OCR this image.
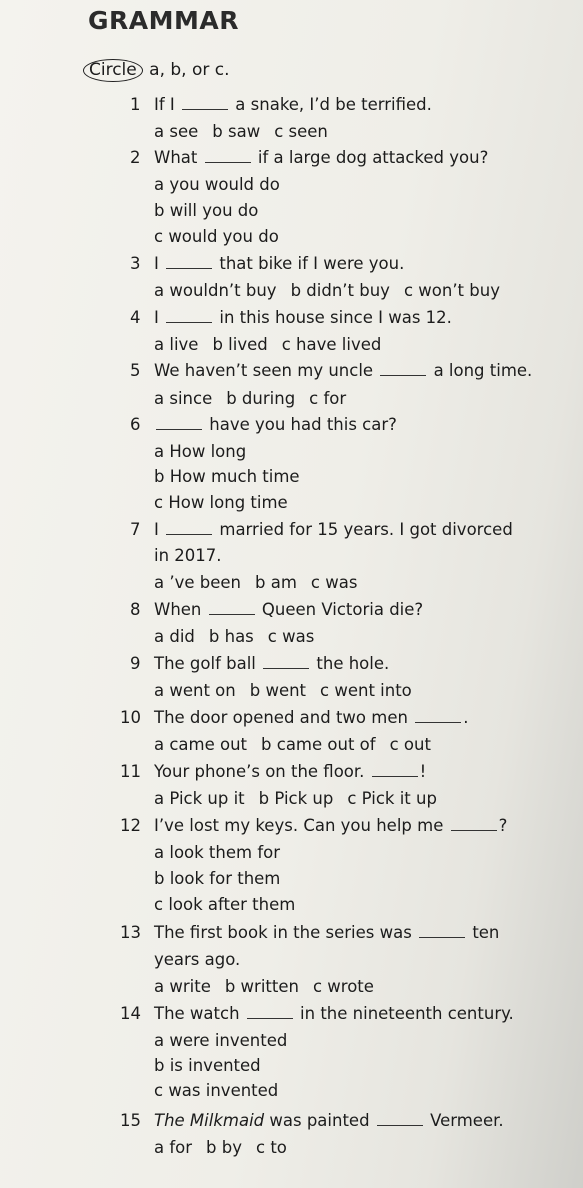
GRAMMAR

Circle a, b, or c.

1 If I	a snake, I’d be terrified.
a see b saw c seen
2 What	if a large dog attacked you?
a you would do
b will you do
c would you do
3 I	that bike if I were you.
a wouldn’t buy b didn’t buy c won’t buy
4 I	in this house since I was 12.
a live b lived c have lived
5 We haven’t seen my uncle	a long time.
a since b during c for
6	have you had this car?
a How long
b How much time
c How long time
7 I	married for 15 years. I got divorced
in 2017.
a ’ve been b am c was
8 When	Queen Victoria die?
a did b has c was
9 The golf ball	the hole.
a went on b went c went into
10 The door opened and two men	.
a came out b came out of c out
11 Your phone’s on the floor.	!
a Pick up it b Pick up c Pick it up
12 I’ve lost my keys. Can you help me	?
a look them for
b look for them
c look after them
13 The first book in the series was	ten
years ago.
a write b written c wrote
14 The watch	in the nineteenth century.
a were invented
b is invented
c was invented
15 The Milkmaid was painted	Vermeer.
a for b by c to
